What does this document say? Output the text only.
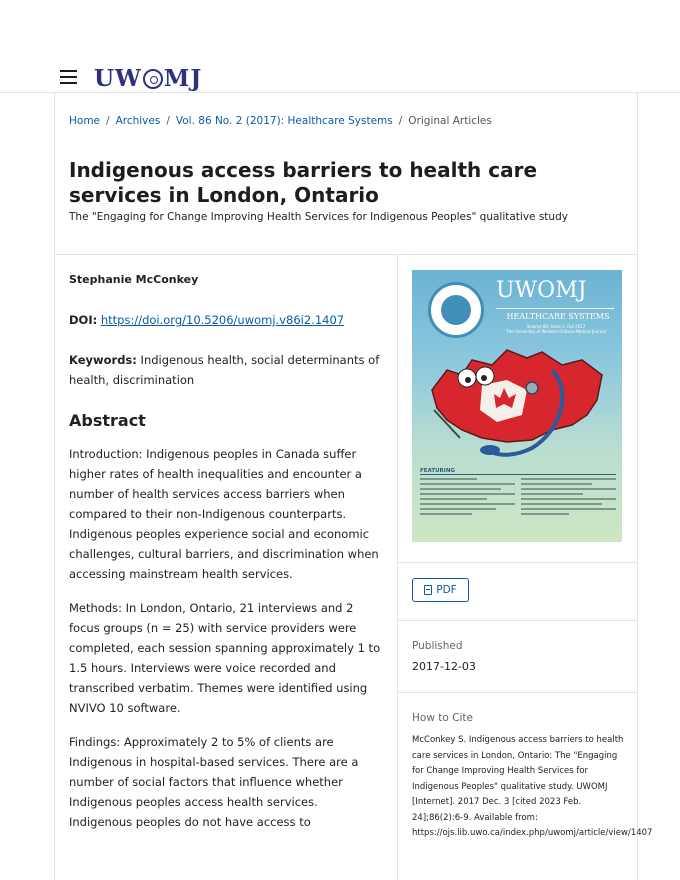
UW MJ
Home / Archives / Vol. 86 No. 2 (2017): Healthcare Systems / Original Articles
Indigenous access barriers to health care services in London, Ontario
The "Engaging for Change Improving Health Services for Indigenous Peoples" qualitative study
Stephanie McConkey
DOI: https://doi.org/10.5206/uwomj.v86i2.1407
Keywords: Indigenous health, social determinants of health, discrimination
Abstract

Introduction: Indigenous peoples in Canada suffer higher rates of health inequalities and encounter a number of health services access barriers when compared to their non-Indigenous counterparts. Indigenous peoples experience social and economic challenges, cultural barriers, and discrimination when accessing mainstream health services.

Methods: In London, Ontario, 21 interviews and 2 focus groups (n = 25) with service providers were completed, each session spanning approximately 1 to 1.5 hours. Interviews were voice recorded and transcribed verbatim. Themes were identified using NVIVO 10 software.

Findings: Approximately 2 to 5% of clients are Indigenous in hospital-based services. There are a number of social factors that influence whether Indigenous peoples access health services. Indigenous peoples do not have access to

UWOMJ
HEALTHCARE SYSTEMS
Volume 86, Issue 2, Fall 2017
The University of Western Ontario Medical Journal
FEATURING
PDF
Published
2017-12-03
How to Cite
McConkey S. Indigenous access barriers to health care services in London, Ontario: The "Engaging for Change Improving Health Services for Indigenous Peoples" qualitative study. UWOMJ [Internet]. 2017 Dec. 3 [cited 2023 Feb. 24];86(2):6-9. Available from: https://ojs.lib.uwo.ca/index.php/uwomj/article/view/1407
